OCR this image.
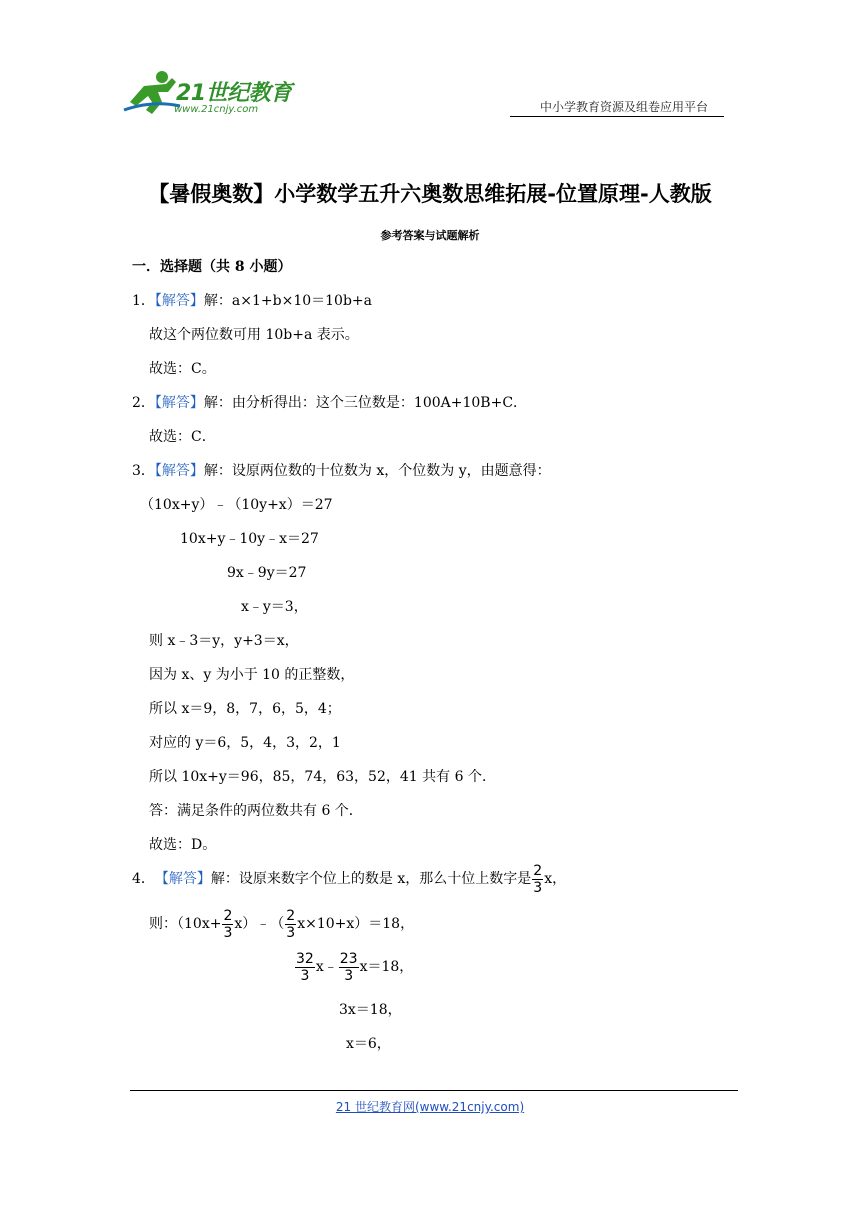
21世纪教育
www.21cnjy.com	中小学教育资源及组卷应用平台
【暑假奥数】小学数学五升六奥数思维拓展-位置原理-人教版
参考答案与试题解析
一．选择题（共 8 小题）
1．【解答】解：a×1+b×10＝10b+a
故这个两位数可用 10b+a 表示。
故选：C。
2．【解答】解：由分析得出：这个三位数是：100A+10B+C．
故选：C．
3．【解答】解：设原两位数的十位数为 x，个位数为 y，由题意得：
（10x+y）﹣（10y+x）＝27
10x+y﹣10y﹣x＝27
9x﹣9y＝27
x﹣y＝3，
则 x﹣3＝y，y+3＝x，
因为 x、y 为小于 10 的正整数，
所以 x＝9，8，7，6，5，4；
对应的 y＝6，5，4，3，2，1
所以 10x+y＝96，85，74，63，52，41 共有 6 个．
答：满足条件的两位数共有 6 个．
故选：D。
4． 【解答】 解：设原来数字个位上的数是 x，那么十位上数字是 $\frac{2}{3}$ x，
则：（$10x+ \frac{2}{3}$ x）﹣（ $\frac{2}{3} x\times 10+x)=18$，
$\frac{32}{3}$ x﹣ $\frac{23}{3} x=18$，
3x＝18，
x＝6，
21 世纪教育网(www.21cnjy.com)
